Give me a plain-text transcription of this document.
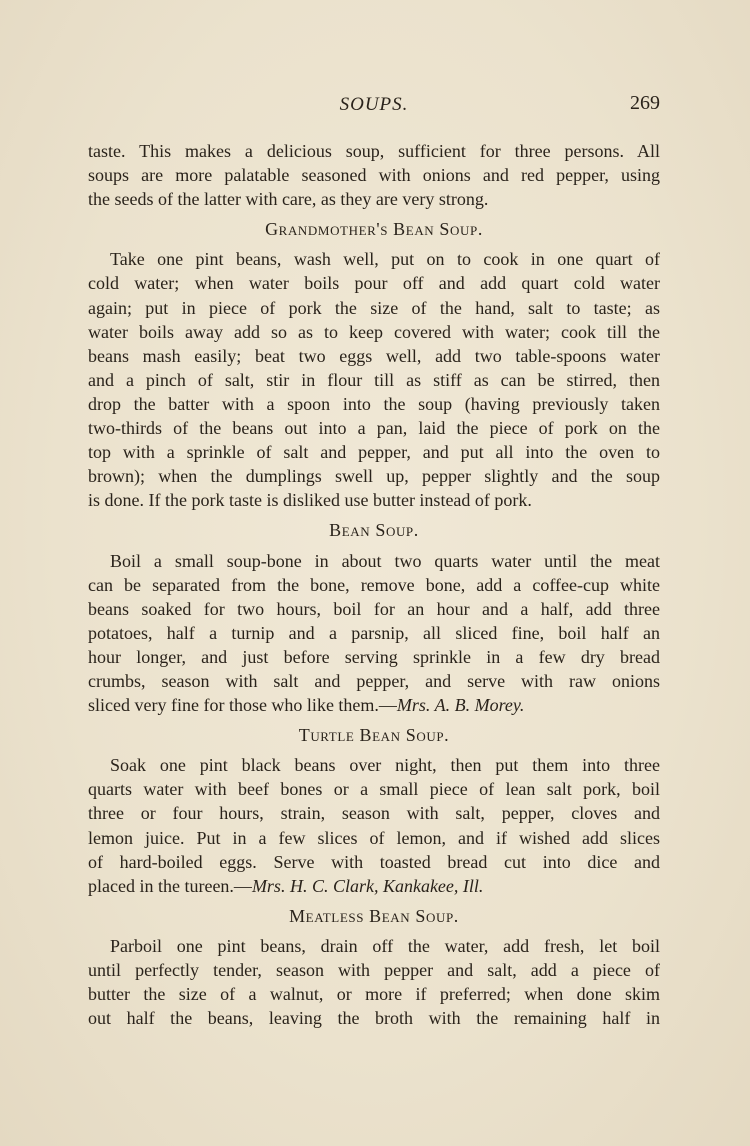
SOUPS.	269
taste. This makes a delicious soup, sufficient for three persons. All
soups are more palatable seasoned with onions and red pepper, using
the seeds of the latter with care, as they are very strong.
Grandmother's Bean Soup.
Take one pint beans, wash well, put on to cook in one quart of
cold water; when water boils pour off and add quart cold water
again; put in piece of pork the size of the hand, salt to taste; as
water boils away add so as to keep covered with water; cook till the
beans mash easily; beat two eggs well, add two table-spoons water
and a pinch of salt, stir in flour till as stiff as can be stirred, then
drop the batter with a spoon into the soup (having previously taken
two-thirds of the beans out into a pan, laid the piece of pork on the
top with a sprinkle of salt and pepper, and put all into the oven to
brown); when the dumplings swell up, pepper slightly and the soup
is done. If the pork taste is disliked use butter instead of pork.
Bean Soup.
Boil a small soup-bone in about two quarts water until the meat
can be separated from the bone, remove bone, add a coffee-cup white
beans soaked for two hours, boil for an hour and a half, add three
potatoes, half a turnip and a parsnip, all sliced fine, boil half an
hour longer, and just before serving sprinkle in a few dry bread
crumbs, season with salt and pepper, and serve with raw onions
sliced very fine for those who like them.—Mrs. A. B. Morey.
Turtle Bean Soup.
Soak one pint black beans over night, then put them into three
quarts water with beef bones or a small piece of lean salt pork, boil
three or four hours, strain, season with salt, pepper, cloves and
lemon juice. Put in a few slices of lemon, and if wished add slices
of hard-boiled eggs. Serve with toasted bread cut into dice and
placed in the tureen.—Mrs. H. C. Clark, Kankakee, Ill.
Meatless Bean Soup.
Parboil one pint beans, drain off the water, add fresh, let boil
until perfectly tender, season with pepper and salt, add a piece of
butter the size of a walnut, or more if preferred; when done skim
out half the beans, leaving the broth with the remaining half in
